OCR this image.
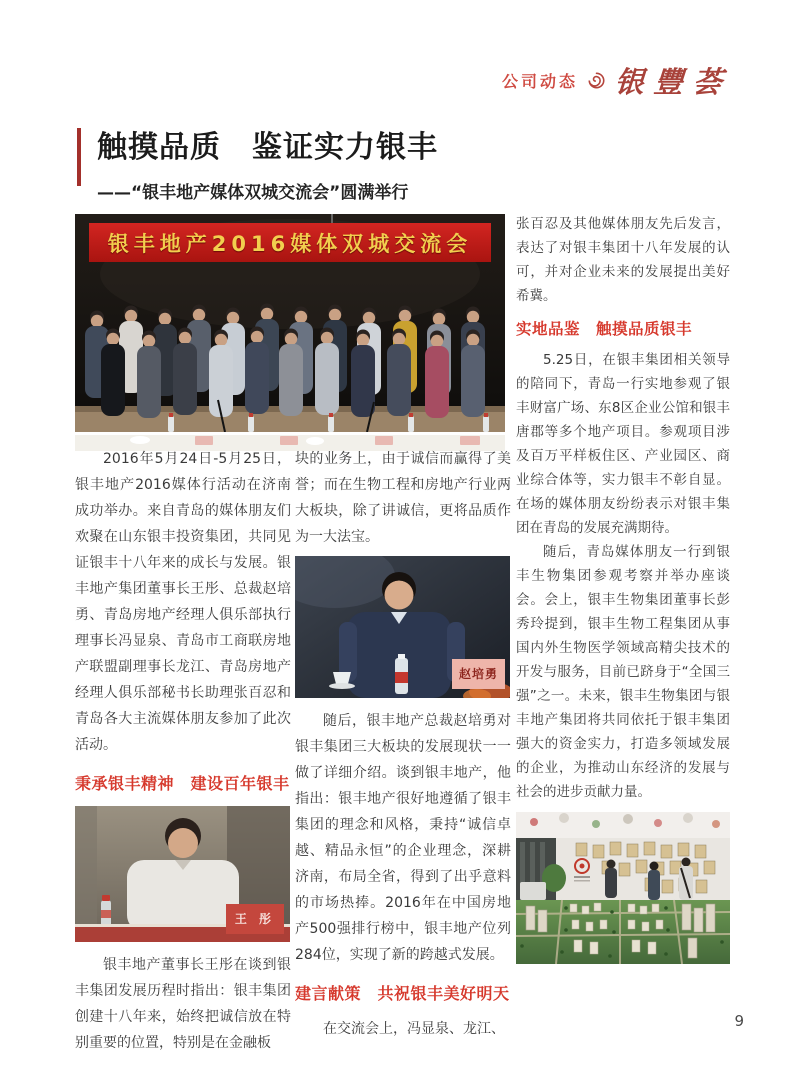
公司动态 银豐荟
触摸品质　鉴证实力银丰
——“银丰地产媒体双城交流会”圆满举行
银丰地产2016媒体双城交流会

2016年5月24日-5月25日，银丰地产2016媒体行活动在济南成功举办。来自青岛的媒体朋友们欢聚在山东银丰投资集团，共同见证银丰十八年来的成长与发展。银丰地产集团董事长王彤、总裁赵培勇、青岛房地产经理人俱乐部执行理事长冯显泉、青岛市工商联房地产联盟副理事长龙江、青岛房地产经理人俱乐部秘书长助理张百忍和青岛各大主流媒体朋友参加了此次活动。

秉承银丰精神　建设百年银丰
王 彤

银丰地产董事长王彤在谈到银丰集团发展历程时指出：银丰集团创建十八年来，始终把诚信放在特别重要的位置，特别是在金融板

块的业务上，由于诚信而赢得了美誉；而在生物工程和房地产行业两大板块，除了讲诚信，更将品质作为一大法宝。

赵培勇

随后，银丰地产总裁赵培勇对银丰集团三大板块的发展现状一一做了详细介绍。谈到银丰地产，他指出：银丰地产很好地遵循了银丰集团的理念和风格，秉持“诚信卓越、精品永恒”的企业理念，深耕济南，布局全省，得到了出乎意料的市场热捧。2016年在中国房地产500强排行榜中，银丰地产位列284位，实现了新的跨越式发展。

建言献策　共祝银丰美好明天

在交流会上，冯显泉、龙江、

张百忍及其他媒体朋友先后发言，表达了对银丰集团十八年发展的认可，并对企业未来的发展提出美好希冀。

实地品鉴　触摸品质银丰

5.25日，在银丰集团相关领导的陪同下，青岛一行实地参观了银丰财富广场、东8区企业公馆和银丰唐郡等多个地产项目。参观项目涉及百万平样板住区、产业园区、商业综合体等，实力银丰不彰自显。在场的媒体朋友纷纷表示对银丰集团在青岛的发展充满期待。

随后，青岛媒体朋友一行到银丰生物集团参观考察并举办座谈会。会上，银丰生物集团董事长彭秀玲提到，银丰生物工程集团从事国内外生物医学领域高精尖技术的开发与服务，目前已跻身于“全国三强”之一。未来，银丰生物集团与银丰地产集团将共同依托于银丰集团强大的资金实力，打造多领域发展的企业，为推动山东经济的发展与社会的进步贡献力量。

9
